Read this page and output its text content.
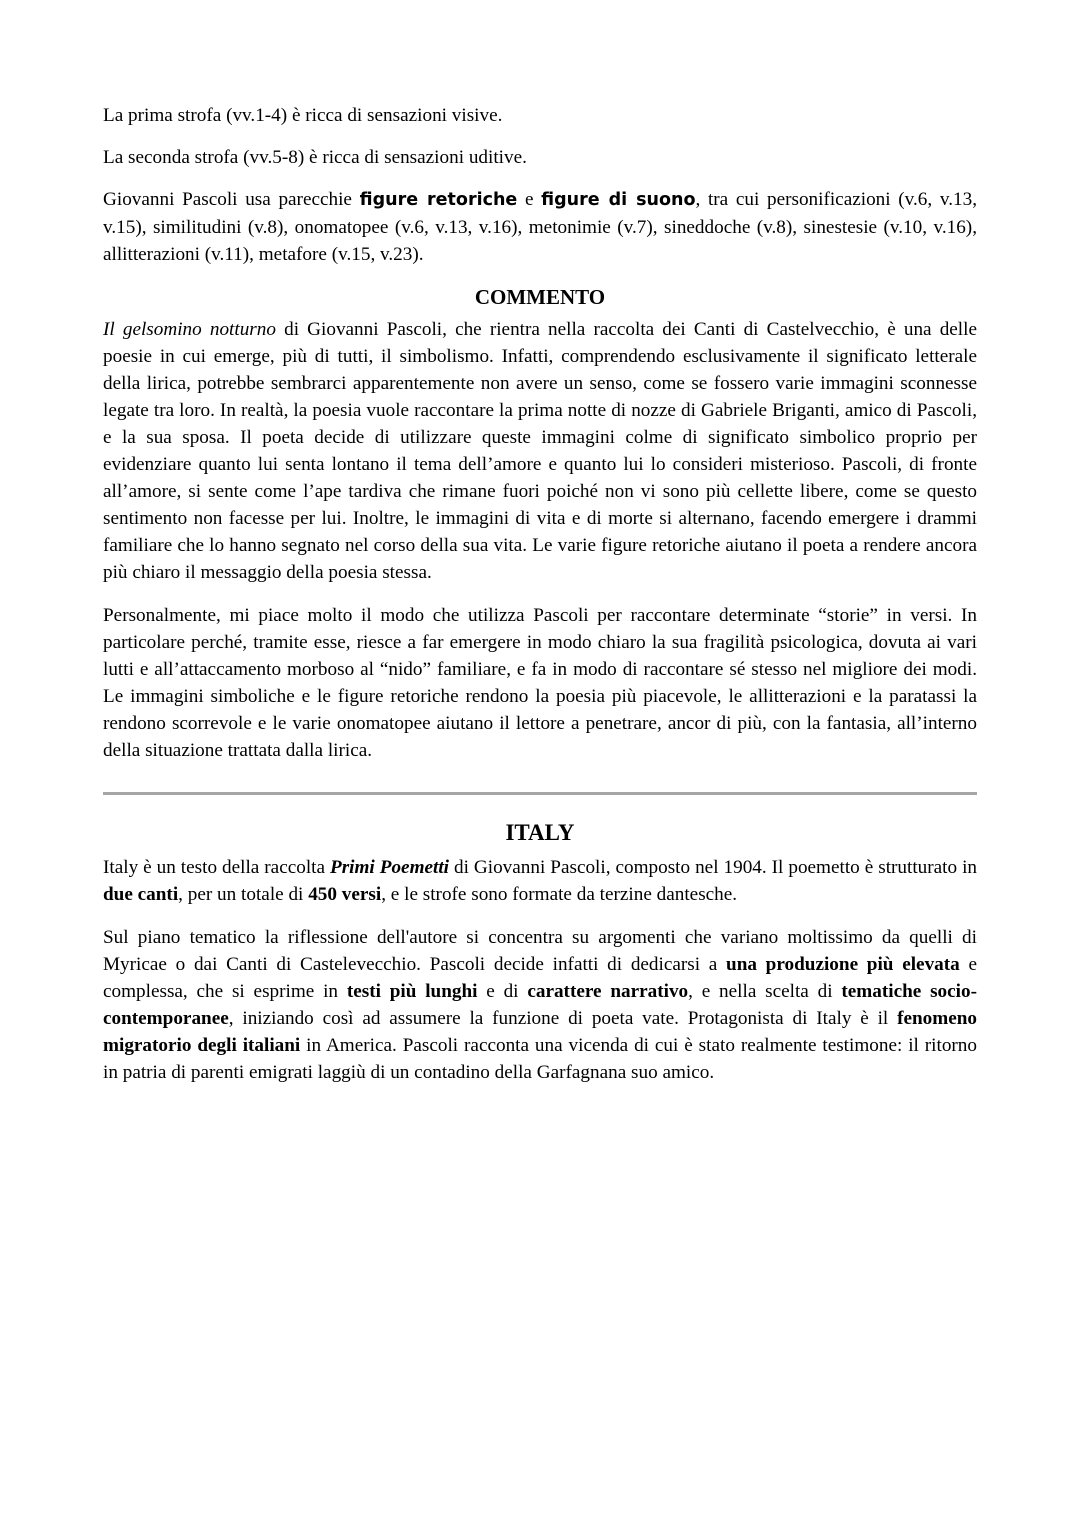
La prima strofa (vv.1-4) è ricca di sensazioni visive.

La seconda strofa (vv.5-8) è ricca di sensazioni uditive.

Giovanni Pascoli usa parecchie figure retoriche e figure di suono, tra cui personificazioni (v.6, v.13, v.15), similitudini (v.8), onomatopee (v.6, v.13, v.16), metonimie (v.7), sineddoche (v.8), sinestesie (v.10, v.16), allitterazioni (v.11), metafore (v.15, v.23).

COMMENTO

Il gelsomino notturno di Giovanni Pascoli, che rientra nella raccolta dei Canti di Castelvecchio, è una delle poesie in cui emerge, più di tutti, il simbolismo. Infatti, comprendendo esclusivamente il significato letterale della lirica, potrebbe sembrarci apparentemente non avere un senso, come se fossero varie immagini sconnesse legate tra loro. In realtà, la poesia vuole raccontare la prima notte di nozze di Gabriele Briganti, amico di Pascoli, e la sua sposa. Il poeta decide di utilizzare queste immagini colme di significato simbolico proprio per evidenziare quanto lui senta lontano il tema dell’amore e quanto lui lo consideri misterioso. Pascoli, di fronte all’amore, si sente come l’ape tardiva che rimane fuori poiché non vi sono più cellette libere, come se questo sentimento non facesse per lui. Inoltre, le immagini di vita e di morte si alternano, facendo emergere i drammi familiare che lo hanno segnato nel corso della sua vita. Le varie figure retoriche aiutano il poeta a rendere ancora più chiaro il messaggio della poesia stessa.

Personalmente, mi piace molto il modo che utilizza Pascoli per raccontare determinate “storie” in versi. In particolare perché, tramite esse, riesce a far emergere in modo chiaro la sua fragilità psicologica, dovuta ai vari lutti e all’attaccamento morboso al “nido” familiare, e fa in modo di raccontare sé stesso nel migliore dei modi. Le immagini simboliche e le figure retoriche rendono la poesia più piacevole, le allitterazioni e la paratassi la rendono scorrevole e le varie onomatopee aiutano il lettore a penetrare, ancor di più, con la fantasia, all’interno della situazione trattata dalla lirica.

ITALY

Italy è un testo della raccolta Primi Poemetti di Giovanni Pascoli, composto nel 1904. Il poemetto è strutturato in due canti, per un totale di 450 versi, e le strofe sono formate da terzine dantesche.

Sul piano tematico la riflessione dell'autore si concentra su argomenti che variano moltissimo da quelli di Myricae o dai Canti di Castelevecchio. Pascoli decide infatti di dedicarsi a una produzione più elevata e complessa, che si esprime in testi più lunghi e di carattere narrativo, e nella scelta di tematiche socio-contemporanee, iniziando così ad assumere la funzione di poeta vate. Protagonista di Italy è il fenomeno migratorio degli italiani in America. Pascoli racconta una vicenda di cui è stato realmente testimone: il ritorno in patria di parenti emigrati laggiù di un contadino della Garfagnana suo amico.
